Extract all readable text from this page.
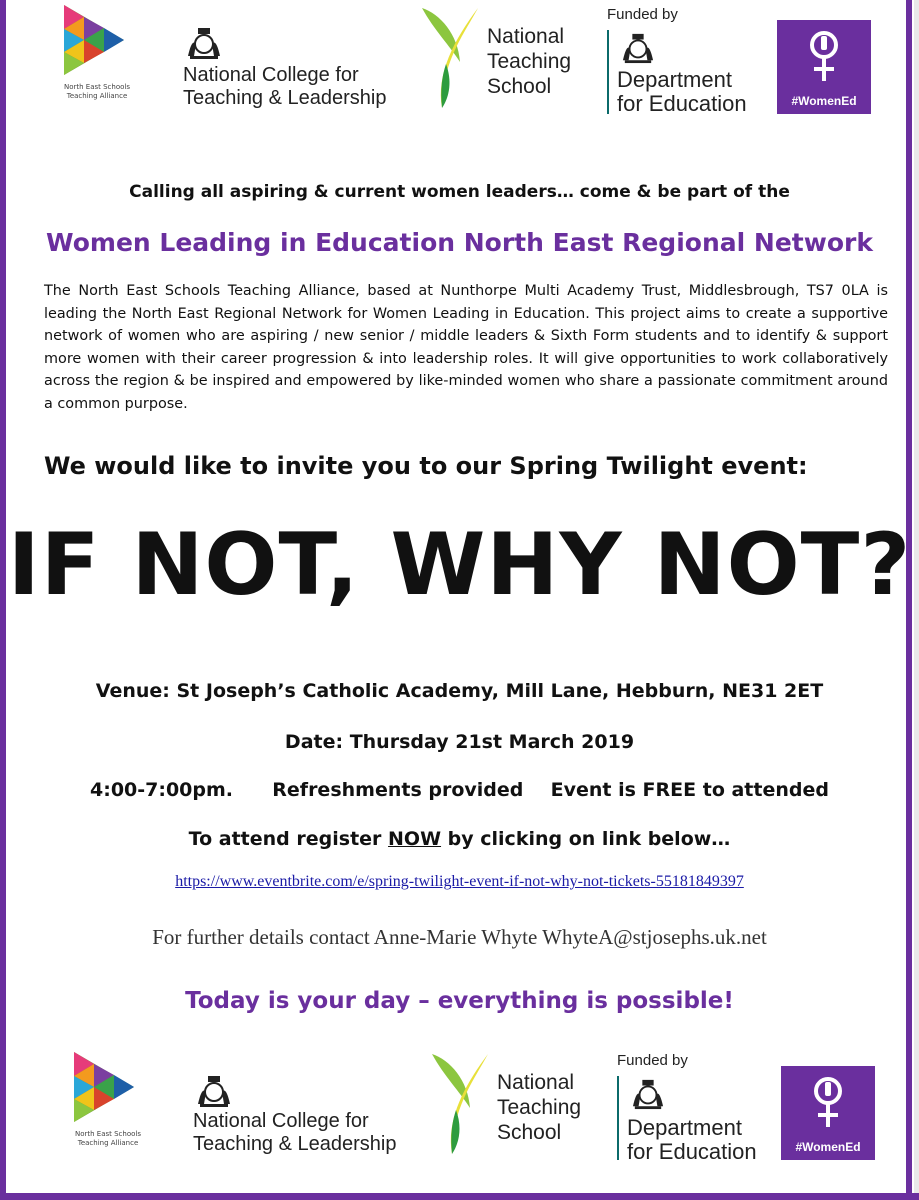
North East Schools
Teaching Alliance
National College for
Teaching & Leadership
National
Teaching
School
Funded by
Department
for Education	#WomenEd
Calling all aspiring & current women leaders… come & be part of the
Women Leading in Education North East Regional Network
The North East Schools Teaching Alliance, based at Nunthorpe Multi Academy Trust, Middlesbrough, TS7 0LA is leading the North East Regional Network for Women Leading in Education. This project aims to create a supportive network of women who are aspiring / new senior / middle leaders & Sixth Form students and to identify & support more women with their career progression & into leadership roles. It will give opportunities to work collaboratively across the region & be inspired and empowered by like-minded women who share a passionate commitment around a common purpose.
We would like to invite you to our Spring Twilight event:
IF NOT, WHY NOT?
Venue: St Joseph’s Catholic Academy, Mill Lane, Hebburn, NE31 2ET
Date: Thursday 21st March 2019
4:00-7:00pm. Refreshments provided Event is FREE to attended
To attend register NOW by clicking on link below…
https://www.eventbrite.com/e/spring-twilight-event-if-not-why-not-tickets-55181849397
For further details contact Anne-Marie Whyte WhyteA@stjosephs.uk.net
Today is your day – everything is possible!
North East Schools
Teaching Alliance
National College for
Teaching & Leadership
National
Teaching
School
Funded by
Department
for Education	#WomenEd
